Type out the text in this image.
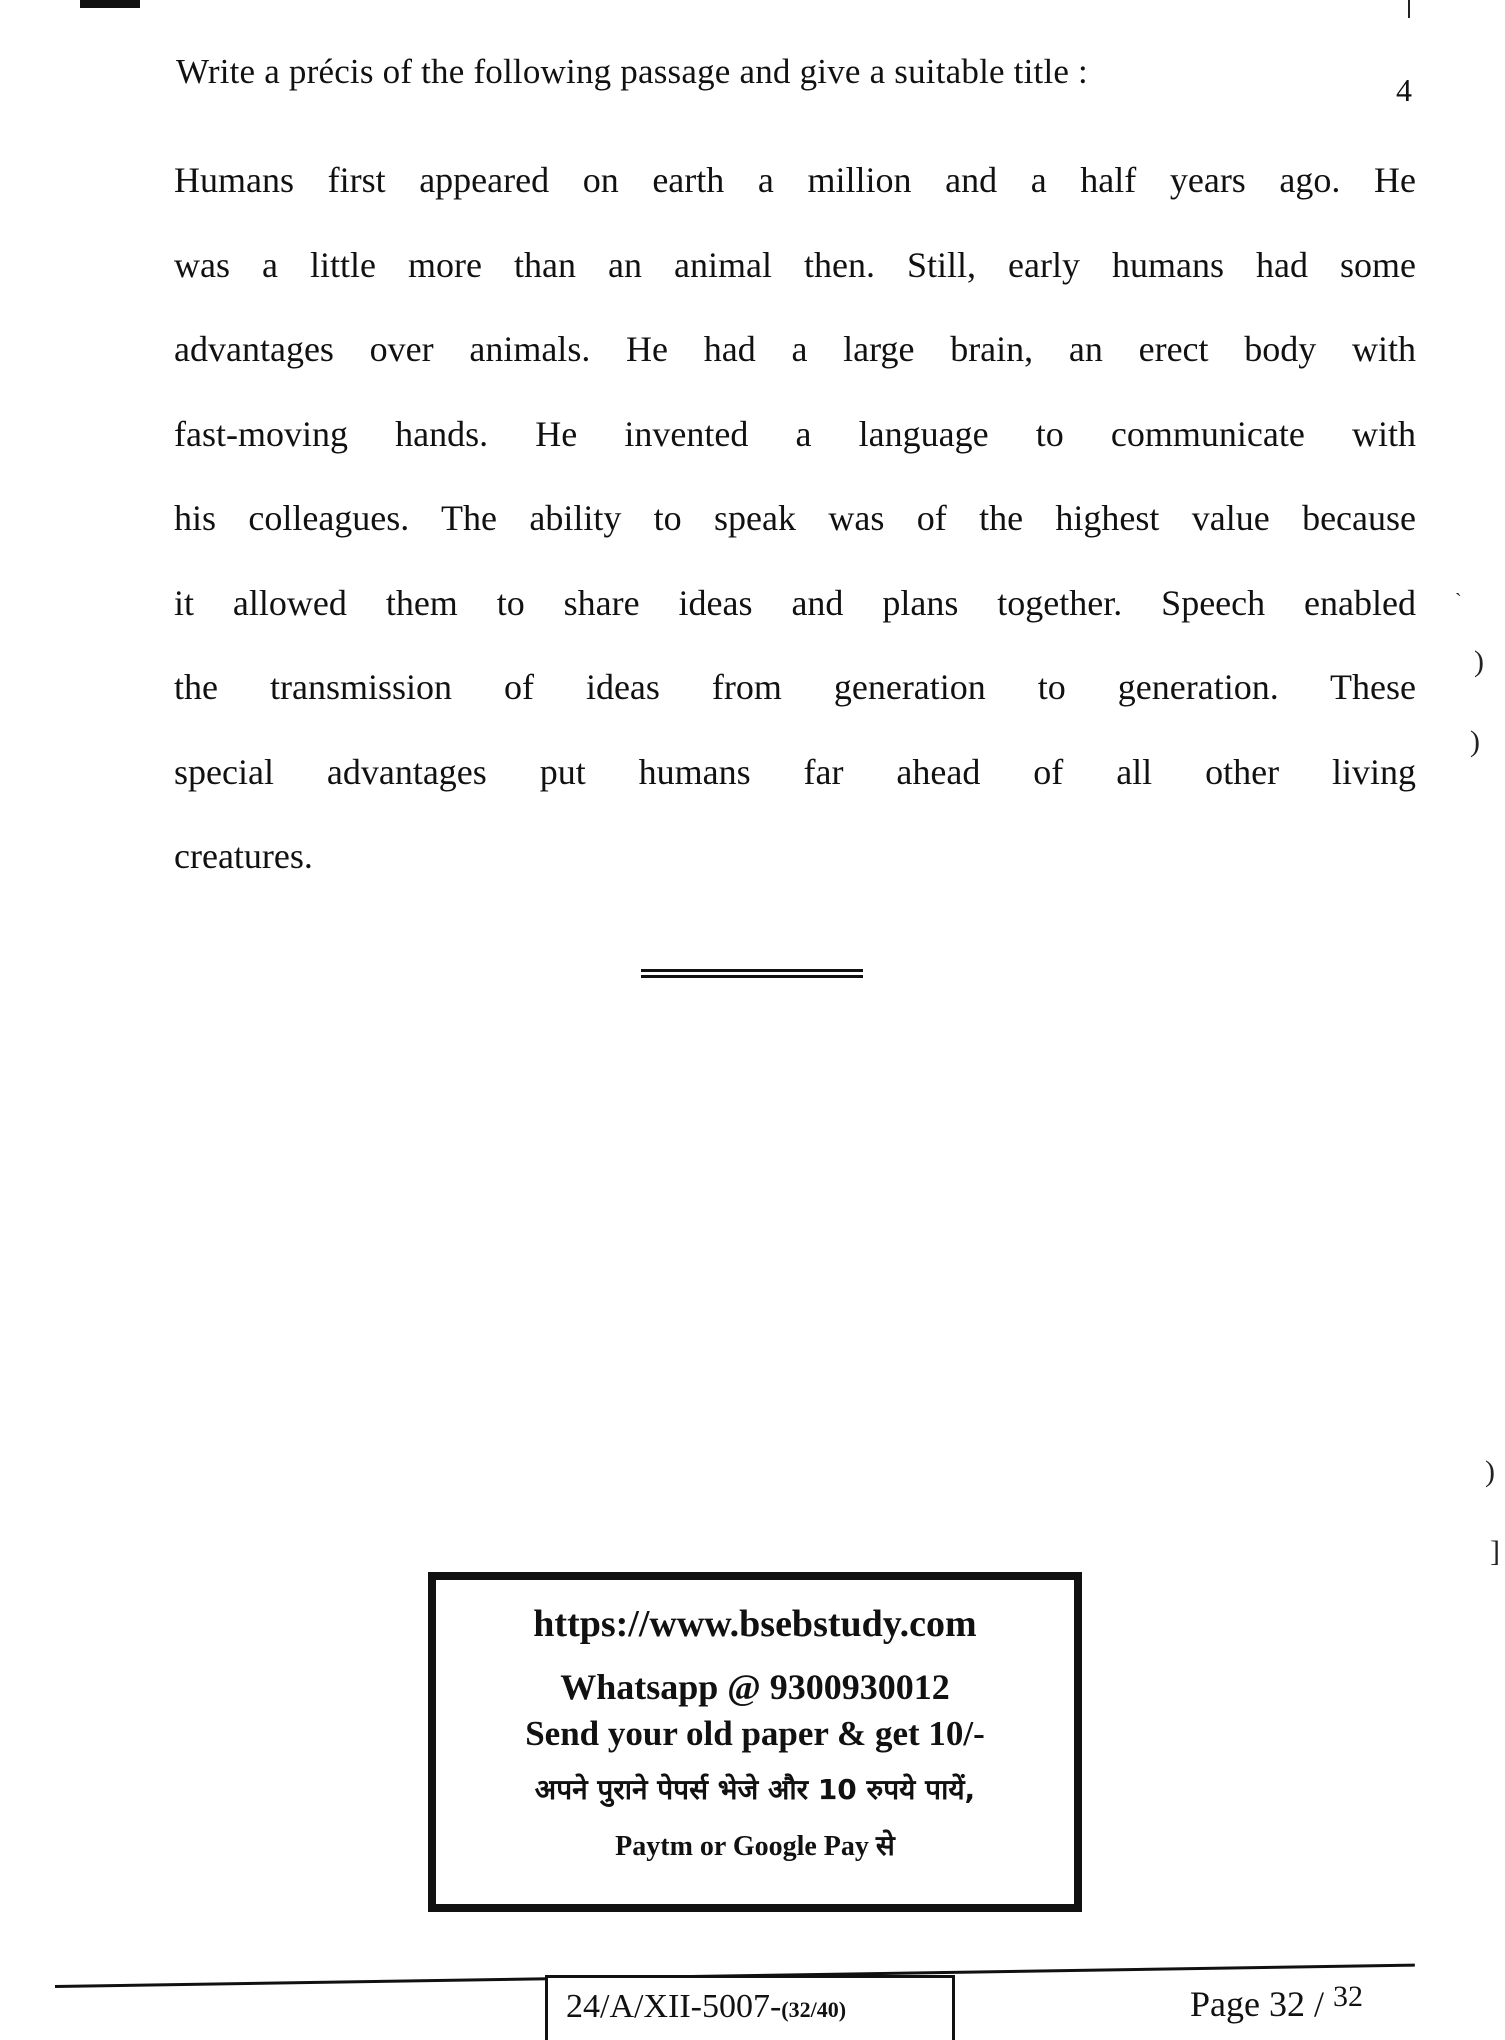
Write a précis of the following passage and give a suitable title :	4
Humans first appeared on earth a million and a half years ago. He
was a little more than an animal then. Still, early humans had some
advantages over animals. He had a large brain, an erect body with
fast-moving hands. He invented a language to communicate with
his colleagues. The ability to speak was of the highest value because
it allowed them to share ideas and plans together. Speech enabled
the transmission of ideas from generation to generation. These
special advantages put humans far ahead of all other living
creatures.
`
)
)
)
]
https://www.bsebstudy.com
Whatsapp @ 9300930012
Send your old paper & get 10/-
अपने पुराने पेपर्स भेजे और 10 रुपये पायें,
Paytm or Google Pay से
24/A/XII-5007-(32/40)	Page 32 / $^{32}$
